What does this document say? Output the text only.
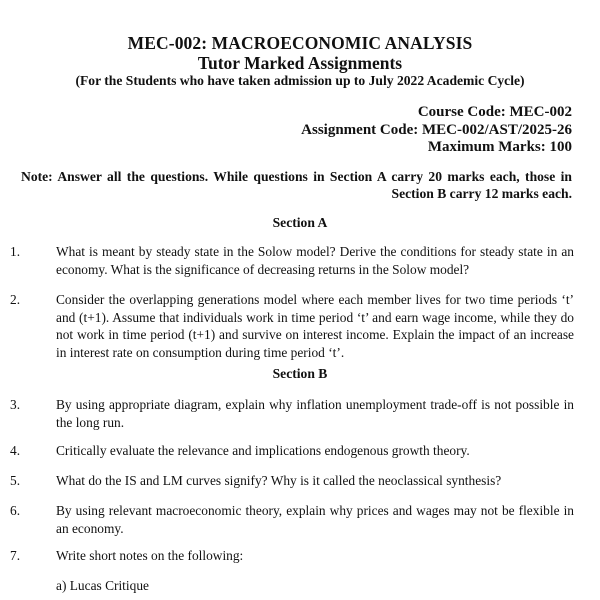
MEC-002: MACROECONOMIC ANALYSIS
Tutor Marked Assignments
(For the Students who have taken admission up to July 2022 Academic Cycle)
Course Code: MEC-002
Assignment Code: MEC-002/AST/2025-26
Maximum Marks: 100
Note: Answer all the questions. While questions in Section A carry 20 marks each, those in Section B carry 12 marks each.
Section A
1.	What is meant by steady state in the Solow model? Derive the conditions for steady state in an economy. What is the significance of decreasing returns in the Solow model?
2.	Consider the overlapping generations model where each member lives for two time periods ‘t’ and (t+1). Assume that individuals work in time period ‘t’ and earn wage income, while they do not work in time period (t+1) and survive on interest income. Explain the impact of an increase in interest rate on consumption during time period ‘t’.
Section B
3.	By using appropriate diagram, explain why inflation unemployment trade-off is not possible in the long run.
4.	Critically evaluate the relevance and implications endogenous growth theory.
5.	What do the IS and LM curves signify? Why is it called the neoclassical synthesis?
6.	By using relevant macroeconomic theory, explain why prices and wages may not be flexible in an economy.
7.	Write short notes on the following:
a) Lucas Critique
